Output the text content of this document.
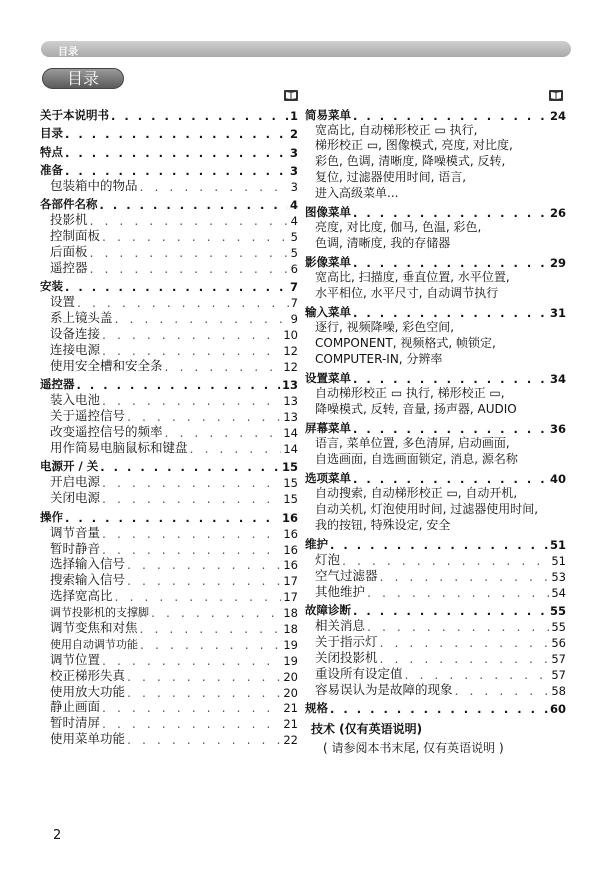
目录
目录
关于本说明书 . . .	1
目录 . . .	2
特点 . . .	3
准备 . . .	3
包装箱中的物品 . . .	3
各部件名称 . . .	4
投影机 . . .	4
控制面板 . . .	5
后面板 . . .	5
遥控器 . . .	6
安装 . . .	7
设置 . . .	7
系上镜头盖 . . .	9
设备连接 . . .	10
连接电源 . . .	12
使用安全槽和安全条 . . .	12
遥控器 . . .	13
装入电池 . . .	13
关于遥控信号 . . .	13
改变遥控信号的频率 . . .	14
用作简易电脑鼠标和键盘 . . .	14
电源开 / 关 . . .	15
开启电源 . . .	15
关闭电源 . . .	15
操作 . . .	16
调节音量 . . .	16
暂时静音 . . .	16
选择输入信号 . . .	16
搜索输入信号 . . .	17
选择宽高比 . . .	17
调节投影机的支撑脚 . . .	18
调节变焦和对焦 . . .	18
使用自动调节功能 . . .	19
调节位置 . . .	19
校正梯形失真 . . .	20
使用放大功能 . . .	20
静止画面 . . .	21
暂时清屏 . . .	21
使用菜单功能 . . .	22
简易菜单 . . .	24
宽高比, 自动梯形校正 ▭ 执行,
梯形校正 ▭, 图像模式, 亮度, 对比度,
彩色, 色调, 清晰度, 降噪模式, 反转,
复位, 过滤器使用时间, 语言,
进入高级菜单...
图像菜单 . . .	26
亮度, 对比度, 伽马, 色温, 彩色,
色调, 清晰度, 我的存储器
影像菜单 . . .	29
宽高比, 扫描度, 垂直位置, 水平位置,
水平相位, 水平尺寸, 自动调节执行
输入菜单 . . .	31
逐行, 视频降噪, 彩色空间,
COMPONENT, 视频格式, 帧锁定,
COMPUTER-IN, 分辨率
设置菜单 . . .	34
自动梯形校正 ▭ 执行, 梯形校正 ▭,
降噪模式, 反转, 音量, 扬声器, AUDIO
屏幕菜单 . . .	36
语言, 菜单位置, 多色清屏, 启动画面,
自选画面, 自选画面锁定, 消息, 源名称
选项菜单 . . .	40
自动搜索, 自动梯形校正 ▭, 自动开机,
自动关机, 灯泡使用时间, 过滤器使用时间,
我的按钮, 特殊设定, 安全
维护 . . .	51
灯泡 . . .	51
空气过滤器 . . .	53
其他维护 . . .	54
故障诊断 . . .	55
相关消息 . . .	55
关于指示灯 . . .	56
关闭投影机 . . .	57
重设所有设定值 . . .	57
容易误认为是故障的现象 . . .	58
规格 . . .	60
技术 (仅有英语说明)
( 请参阅本书末尾, 仅有英语说明 )
2
